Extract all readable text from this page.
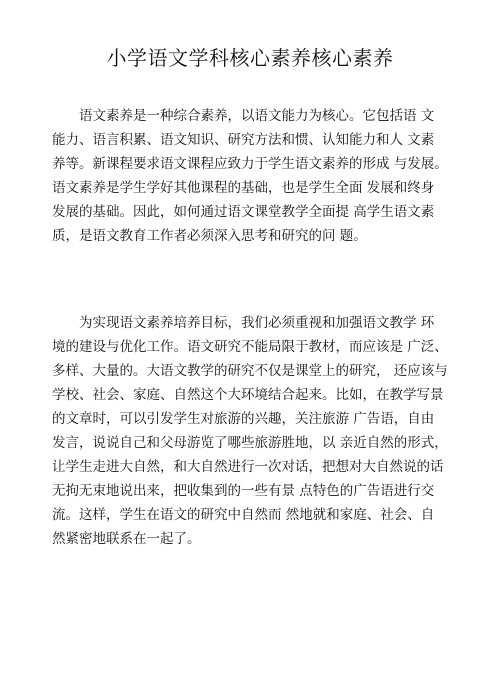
小学语文学科核心素养核心素养
语文素养是一种综合素养，以语文能力为核心。它包括语 文
能力、语言积累、语文知识、研究方法和惯、认知能力和人 文素
养等。新课程要求语文课程应致力于学生语文素养的形成 与发展。
语文素养是学生学好其他课程的基础，也是学生全面 发展和终身
发展的基础。因此，如何通过语文课堂教学全面提 高学生语文素
质，是语文教育工作者必须深入思考和研究的问 题。
为实现语文素养培养目标，我们必须重视和加强语文教学 环
境的建设与优化工作。语文研究不能局限于教材，而应该是 广泛、
多样、大量的。大语文教学的研究不仅是课堂上的研究， 还应该与
学校、社会、家庭、自然这个大环境结合起来。比如，在教学写景
的文章时，可以引发学生对旅游的兴趣，关注旅游 广告语，自由
发言，说说自己和父母游览了哪些旅游胜地，以 亲近自然的形式，
让学生走进大自然，和大自然进行一次对话，把想对大自然说的话
无拘无束地说出来，把收集到的一些有景 点特色的广告语进行交
流。这样，学生在语文的研究中自然而 然地就和家庭、社会、自
然紧密地联系在一起了。
